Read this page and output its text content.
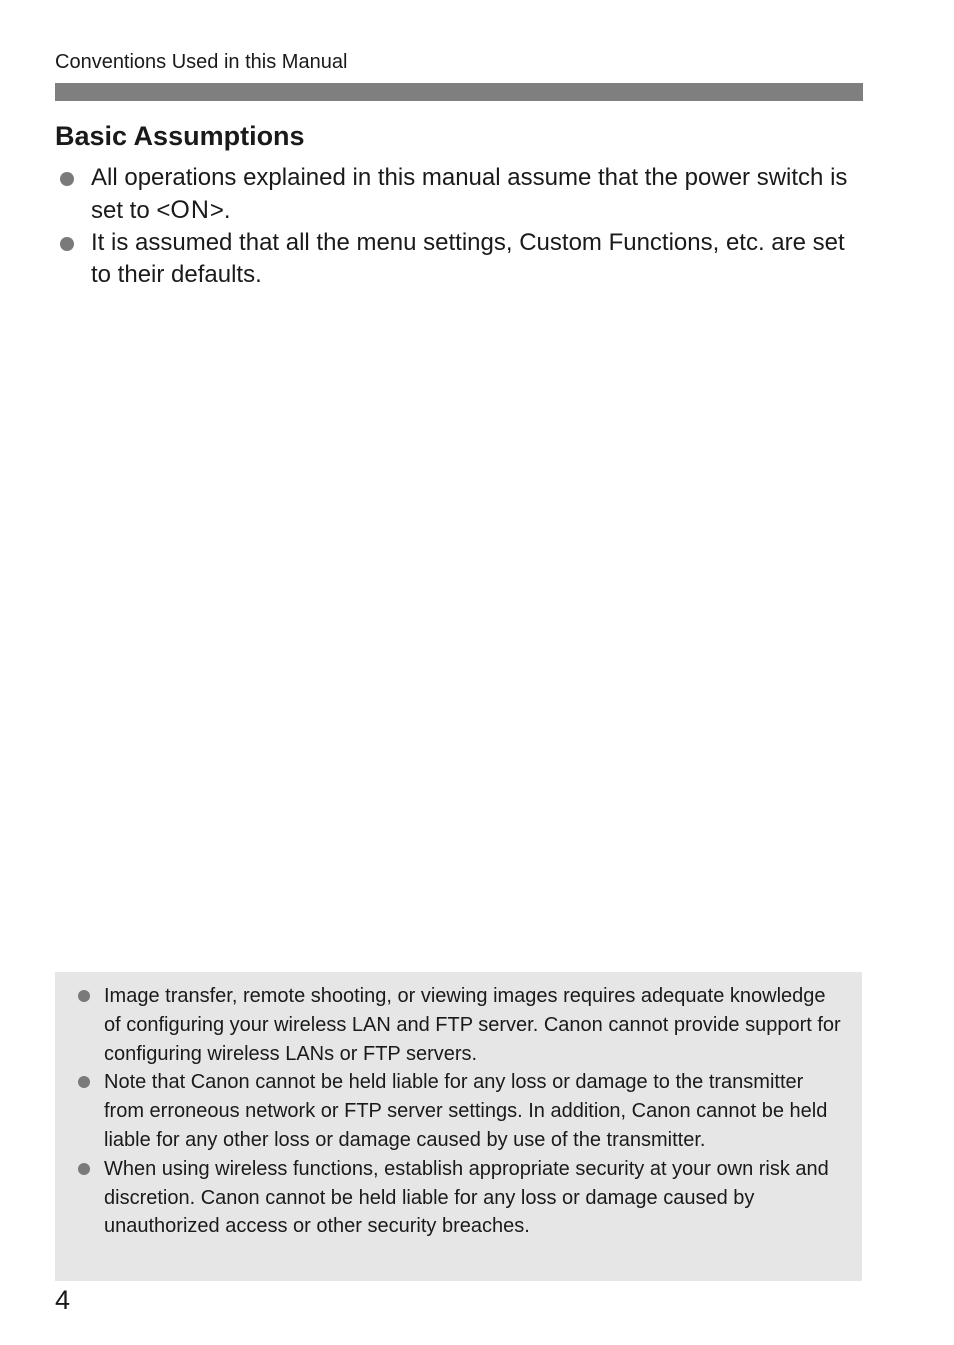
Conventions Used in this Manual
Basic Assumptions
All operations explained in this manual assume that the power switch is set to <ON>.
It is assumed that all the menu settings, Custom Functions, etc. are set to their defaults.
Image transfer, remote shooting, or viewing images requires adequate knowledge of configuring your wireless LAN and FTP server. Canon cannot provide support for configuring wireless LANs or FTP servers.
Note that Canon cannot be held liable for any loss or damage to the transmitter from erroneous network or FTP server settings. In addition, Canon cannot be held liable for any other loss or damage caused by use of the transmitter.
When using wireless functions, establish appropriate security at your own risk and discretion. Canon cannot be held liable for any loss or damage caused by unauthorized access or other security breaches.
4
